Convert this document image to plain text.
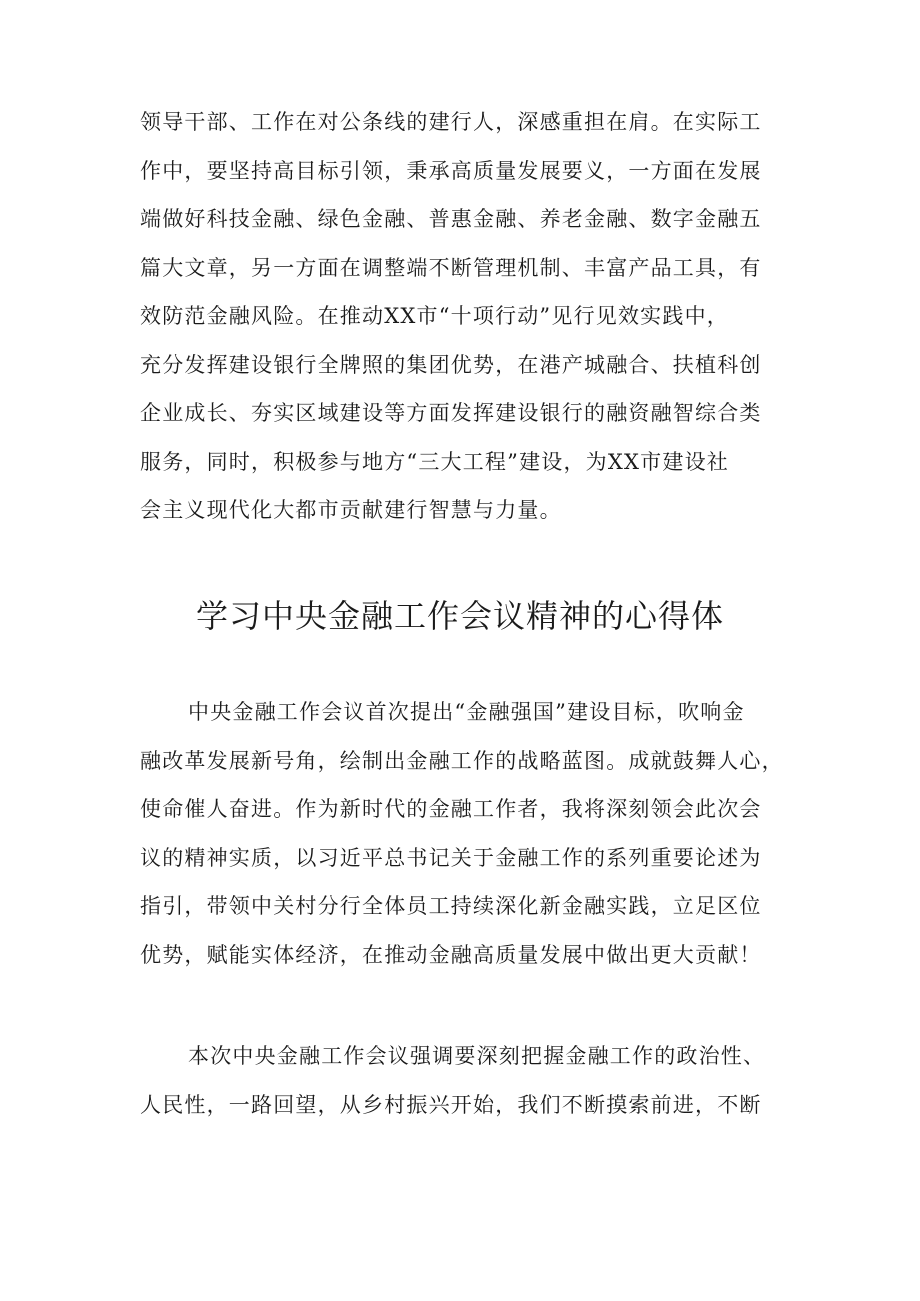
领导干部、工作在对公条线的建行人，深感重担在肩。在实际工
作中，要坚持高目标引领，秉承高质量发展要义，一方面在发展
端做好科技金融、绿色金融、普惠金融、养老金融、数字金融五
篇大文章，另一方面在调整端不断管理机制、丰富产品工具，有
效防范金融风险。在推动XX市“十项行动”见行见效实践中，
充分发挥建设银行全牌照的集团优势，在港产城融合、扶植科创
企业成长、夯实区域建设等方面发挥建设银行的融资融智综合类
服务，同时，积极参与地方“三大工程”建设，为XX市建设社
会主义现代化大都市贡献建行智慧与力量。
学习中央金融工作会议精神的心得体
中央金融工作会议首次提出“金融强国”建设目标，吹响金
融改革发展新号角，绘制出金融工作的战略蓝图。成就鼓舞人心，
使命催人奋进。作为新时代的金融工作者，我将深刻领会此次会
议的精神实质，以习近平总书记关于金融工作的系列重要论述为
指引，带领中关村分行全体员工持续深化新金融实践，立足区位
优势，赋能实体经济，在推动金融高质量发展中做出更大贡献！
本次中央金融工作会议强调要深刻把握金融工作的政治性、
人民性，一路回望，从乡村振兴开始，我们不断摸索前进，不断
